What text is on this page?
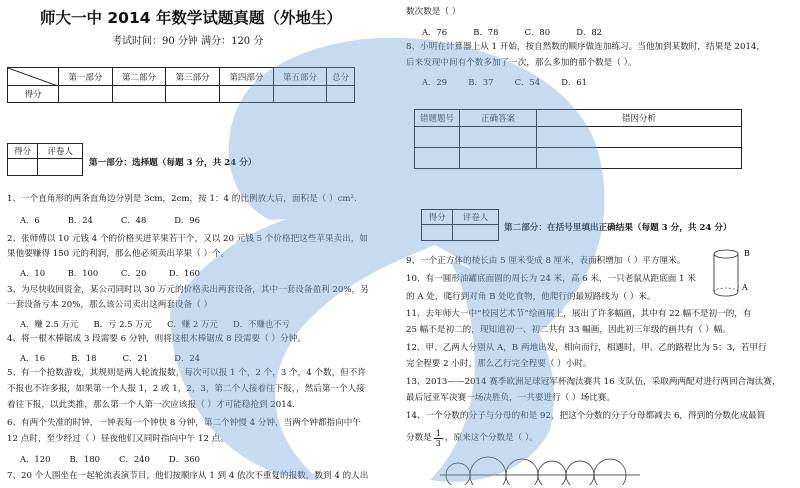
师大一中 2014 年数学试题真题（外地生）
考试时间：90 分钟 满分：120 分
	第一部分	第二部分	第三部分	第四部分	第五部分	总分
得分						
得分	评卷人

第一部分：选择题（每题 3 分，共 24 分）
1、一个直角形的两条直角边分别是 3cm，2cm，按 1：4 的比例放大后，面积是（ ）cm².
A．6	B．24	C．48	D．96
2、张师傅以 10 元钱 4 个的价格买进苹果若干个，又以 20 元钱 5 个价格把这些苹果卖出，如
果他要赚得 150 元的利润，那么他必须卖出苹果（ ）个。
A．10	B．100	C．20	D．160
3、为尽快收回资金，某公司同时以 30 万元的价格卖出两套设备，其中一套设备盈利 20%，另
一套设备亏本 20%，那么该公司卖出这两套设备（ ）
A．赚 2.5 万元 B．亏 2.5 万元 C．赚 2 万元 D．不赚也不亏
4、将一根木棒锯成 3 段需要 6 分钟，则将这根木棒锯成 8 段需要（ ）分钟。
A．16	B．18	C．21	D．24
5、有一个抢数游戏，其规则是两人轮流报数，每次可以报 1 个，2 个，3 个，4 个数，但不许
不报也不许多报，如果第一个人报 1，2 或 1，2，3，第二个人接着往下报，，然后第一个人接
着往下报，以此类推，那么第一个人第一次应该报（ ）才可能稳抢到 2014.
6、有两个失准的时钟，一钟表每一个钟快 8 分钟，第二个钟慢 4 分钟，当两个钟都指向中午
12 点时，至少经过（ ）昼夜他们又同时指向中午 12 点。
A．120 B．180 C．240 D．360
7、20 个人围坐在一起轮流表演节目，他们按顺序从 1 到 4 依次不重复的报数，数到 4 的人出
数次数是（ ）
A．76	B．78	C．80	D．82
8、小明在计算器上从 1 开始，按自然数的顺序做连加练习。当他加到某数时，结果是 2014，
后来发现中间有个数多加了一次，那么多加的那个数是（ ）。
A．29	B．37	C．54	D．61
错题题号	正确答案	错因分析

得分	评卷人

第二部分：在括号里填出正确结果（每题 3 分，共 24 分）
9、一个正方体的棱长由 5 厘米变成 8 厘米，表面积增加（ ）平方厘米。
10、有一圆形油罐底面圆的周长为 24 米，高 6 米，一只老鼠从距底面 1 米
的 A 处，爬行到对角 B 处吃食物，他爬行的最短路线为（ ）米。
B
A
11、去年师大一中“校园艺术节”绘画展上，展出了许多幅画，其中有 22 幅不是初一的，有
25 幅不是初二的，现知道初一、初二共有 33 幅画，因此初三年级的画共有（ ）幅。
12、甲、乙两人分别从 A，B 两地出发，相向而行，相遇时，甲、乙的路程比为 5：3，若甲行
完全程要 2 小时，那么乙行完全程要（ ）小时。
13、2013——2014 赛季欧洲足球冠军杯淘汰赛共 16 支队伍，采取两两配对进行两回合淘汰赛，
最后冠亚军决赛一场决胜负，一共要进行（ ）场比赛。
14、一个分数的分子与分母的和是 92，把这个分数的分子分母都减去 6，得到的分数化成最简
分数是 $\frac{1}{3}$ ，原来这个分数是（ ）。
